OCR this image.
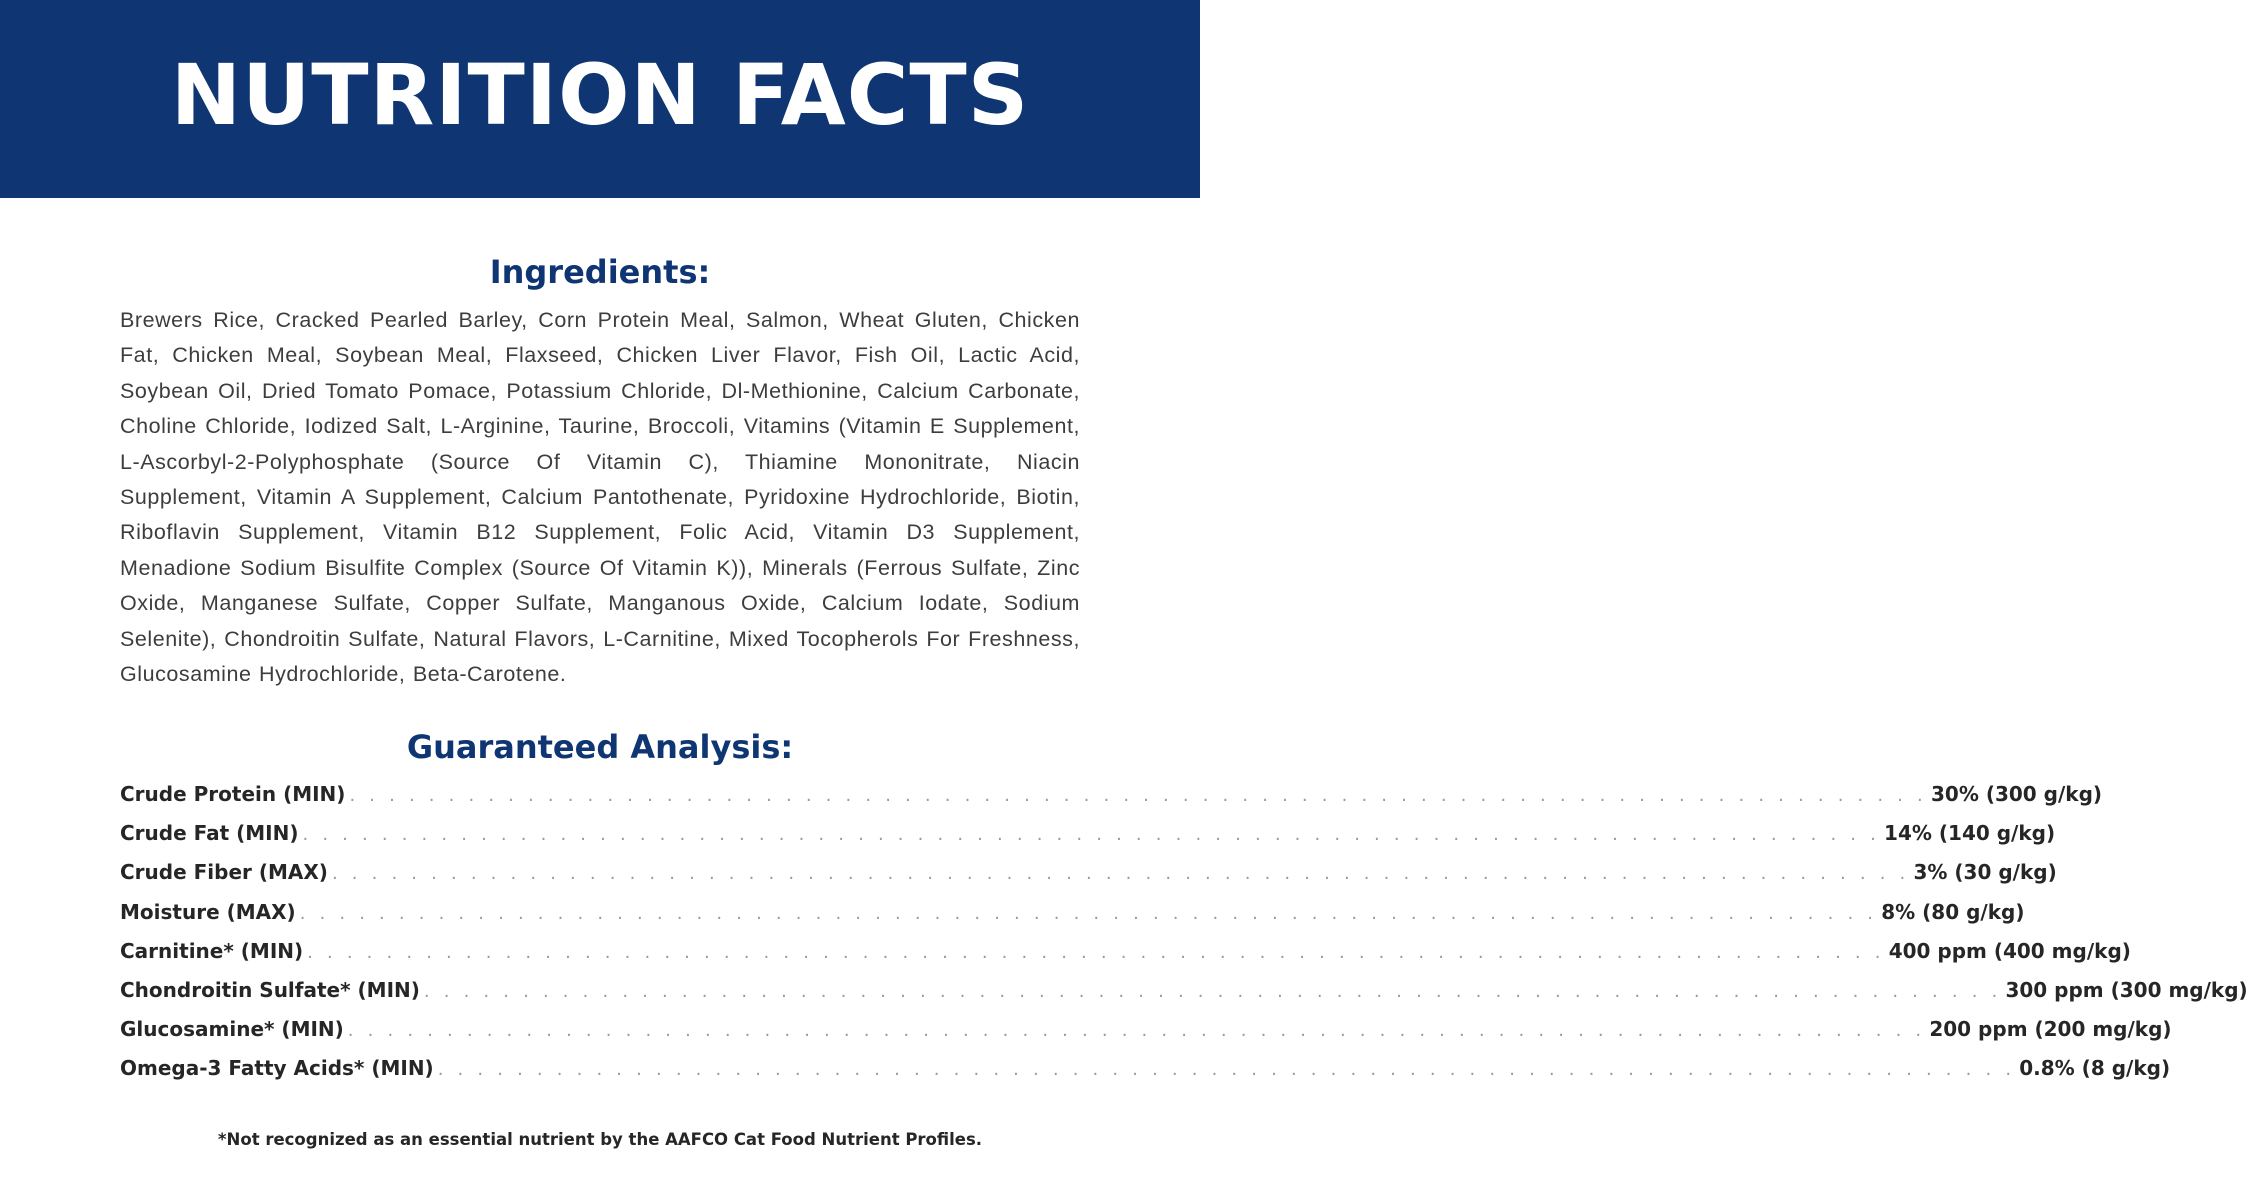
NUTRITION FACTS
Ingredients:
Brewers Rice, Cracked Pearled Barley, Corn Protein Meal, Salmon, Wheat Gluten, Chicken Fat, Chicken Meal, Soybean Meal, Flaxseed, Chicken Liver Flavor, Fish Oil, Lactic Acid, Soybean Oil, Dried Tomato Pomace, Potassium Chloride, Dl-Methionine, Calcium Carbonate, Choline Chloride, Iodized Salt, L-Arginine, Taurine, Broccoli, Vitamins (Vitamin E Supplement, L-Ascorbyl-2-Polyphosphate (Source Of Vitamin C), Thiamine Mononitrate, Niacin Supplement, Vitamin A Supplement, Calcium Pantothenate, Pyridoxine Hydrochloride, Biotin, Riboflavin Supplement, Vitamin B12 Supplement, Folic Acid, Vitamin D3 Supplement, Menadione Sodium Bisulfite Complex (Source Of Vitamin K)), Minerals (Ferrous Sulfate, Zinc Oxide, Manganese Sulfate, Copper Sulfate, Manganous Oxide, Calcium Iodate, Sodium Selenite), Chondroitin Sulfate, Natural Flavors, L-Carnitine, Mixed Tocopherols For Freshness, Glucosamine Hydrochloride, Beta-Carotene.
Guaranteed Analysis:
Crude Protein (MIN) . . . . . . . . . . . . . . . . . . . . . . . . . . . . . . . . . . . . . . . . . . . . . . . . . . . . . . . . . . . . . . . . . . . . . . . . . . . . . . . . 30% (300 g/kg)
Crude Fat (MIN) . . . . . . . . . . . . . . . . . . . . . . . . . . . . . . . . . . . . . . . . . . . . . . . . . . . . . . . . . . . . . . . . . . . . . . . . . . . . . . . . 14% (140 g/kg)
Crude Fiber (MAX) . . . . . . . . . . . . . . . . . . . . . . . . . . . . . . . . . . . . . . . . . . . . . . . . . . . . . . . . . . . . . . . . . . . . . . . . . . . . . . . . 3% (30 g/kg)
Moisture (MAX) . . . . . . . . . . . . . . . . . . . . . . . . . . . . . . . . . . . . . . . . . . . . . . . . . . . . . . . . . . . . . . . . . . . . . . . . . . . . . . . . 8% (80 g/kg)
Carnitine* (MIN) . . . . . . . . . . . . . . . . . . . . . . . . . . . . . . . . . . . . . . . . . . . . . . . . . . . . . . . . . . . . . . . . . . . . . . . . . . . . . . . . 400 ppm (400 mg/kg)
Chondroitin Sulfate* (MIN) . . . . . . . . . . . . . . . . . . . . . . . . . . . . . . . . . . . . . . . . . . . . . . . . . . . . . . . . . . . . . . . . . . . . . . . . . . . . . . . . 300 ppm (300 mg/kg)
Glucosamine* (MIN) . . . . . . . . . . . . . . . . . . . . . . . . . . . . . . . . . . . . . . . . . . . . . . . . . . . . . . . . . . . . . . . . . . . . . . . . . . . . . . . . 200 ppm (200 mg/kg)
Omega-3 Fatty Acids* (MIN) . . . . . . . . . . . . . . . . . . . . . . . . . . . . . . . . . . . . . . . . . . . . . . . . . . . . . . . . . . . . . . . . . . . . . . . . . . . . . . . . 0.8% (8 g/kg)
*Not recognized as an essential nutrient by the AAFCO Cat Food Nutrient Profiles.
